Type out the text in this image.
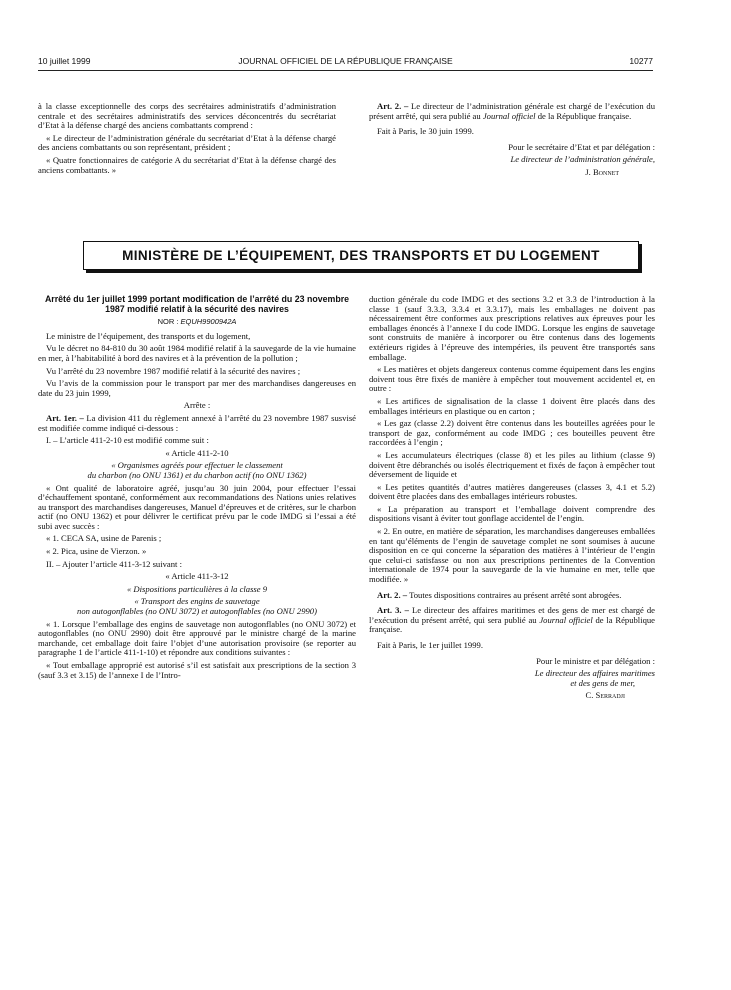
10 juillet 1999	JOURNAL OFFICIEL DE LA RÉPUBLIQUE FRANÇAISE	10277

à la classe exceptionnelle des corps des secrétaires administratifs d’administration centrale et des secrétaires administratifs des services déconcentrés du secrétariat d’Etat à la défense chargé des anciens combattants comprend :

« Le directeur de l’administration générale du secrétariat d’Etat à la défense chargé des anciens combattants ou son représentant, président ;

« Quatre fonctionnaires de catégorie A du secrétariat d’Etat à la défense chargé des anciens combattants. »

Art. 2. – Le directeur de l’administration générale est chargé de l’exécution du présent arrêté, qui sera publié au Journal officiel de la République française.

Fait à Paris, le 30 juin 1999.

Pour le secrétaire d’Etat et par délégation :

Le directeur de l’administration générale,

J. Bonnet

MINISTÈRE DE L’ÉQUIPEMENT, DES TRANSPORTS ET DU LOGEMENT
Arrêté du 1er juillet 1999 portant modification de l’arrêté du 23 novembre 1987 modifié relatif à la sécurité des navires
NOR : EQUH9900942A

Le ministre de l’équipement, des transports et du logement,

Vu le décret no 84-810 du 30 août 1984 modifié relatif à la sauvegarde de la vie humaine en mer, à l’habitabilité à bord des navires et à la prévention de la pollution ;

Vu l’arrêté du 23 novembre 1987 modifié relatif à la sécurité des navires ;

Vu l’avis de la commission pour le transport par mer des marchandises dangereuses en date du 23 juin 1999,

Arrête :

Art. 1er. – La division 411 du règlement annexé à l’arrêté du 23 novembre 1987 susvisé est modifiée comme indiqué ci-dessous :

I. – L’article 411-2-10 est modifié comme suit :

« Article 411-2-10

« Organismes agréés pour effectuer le classement

du charbon (no ONU 1361) et du charbon actif (no ONU 1362)

« Ont qualité de laboratoire agréé, jusqu’au 30 juin 2004, pour effectuer l’essai d’échauffement spontané, conformément aux recommandations des Nations unies relatives au transport des marchandises dangereuses, Manuel d’épreuves et de critères, sur le charbon actif (no ONU 1362) et pour délivrer le certificat prévu par le code IMDG si l’essai a été subi avec succès :

« 1. CECA SA, usine de Parenis ;

« 2. Pica, usine de Vierzon. »

II. – Ajouter l’article 411-3-12 suivant :

« Article 411-3-12

« Dispositions particulières à la classe 9

« Transport des engins de sauvetage

non autogonflables (no ONU 3072) et autogonflables (no ONU 2990)

« 1. Lorsque l’emballage des engins de sauvetage non autogonflables (no ONU 3072) et autogonflables (no ONU 2990) doit être approuvé par le ministre chargé de la marine marchande, cet emballage doit faire l’objet d’une autorisation provisoire (se reporter au paragraphe 1 de l’article 411-1-10) et répondre aux conditions suivantes :

« Tout emballage approprié est autorisé s’il est satisfait aux prescriptions de la section 3 (sauf 3.3 et 3.15) de l’annexe I de l’Intro-

duction générale du code IMDG et des sections 3.2 et 3.3 de l’introduction à la classe 1 (sauf 3.3.3, 3.3.4 et 3.3.17), mais les emballages ne doivent pas nécessairement être conformes aux prescriptions relatives aux épreuves pour les emballages énoncés à l’annexe I du code IMDG. Lorsque les engins de sauvetage sont construits de manière à incorporer ou être contenus dans des logements extérieurs rigides à l’épreuve des intempéries, ils peuvent être transportés sans emballage.

« Les matières et objets dangereux contenus comme équipement dans les engins doivent tous être fixés de manière à empêcher tout mouvement accidentel et, en outre :

« Les artifices de signalisation de la classe 1 doivent être placés dans des emballages intérieurs en plastique ou en carton ;

« Les gaz (classe 2.2) doivent être contenus dans les bouteilles agréées pour le transport de gaz, conformément au code IMDG ; ces bouteilles peuvent être raccordées à l’engin ;

« Les accumulateurs électriques (classe 8) et les piles au lithium (classe 9) doivent être débranchés ou isolés électriquement et fixés de façon à empêcher tout déversement de liquide et

« Les petites quantités d’autres matières dangereuses (classes 3, 4.1 et 5.2) doivent être placées dans des emballages intérieurs robustes.

« La préparation au transport et l’emballage doivent comprendre des dispositions visant à éviter tout gonflage accidentel de l’engin.

« 2. En outre, en matière de séparation, les marchandises dangereuses emballées en tant qu’éléments de l’engin de sauvetage complet ne sont soumises à aucune disposition en ce qui concerne la séparation des matières à l’intérieur de l’engin que celui-ci satisfasse ou non aux prescriptions pertinentes de la Convention internationale de 1974 pour la sauvegarde de la vie humaine en mer, telle que modifiée. »

Art. 2. – Toutes dispositions contraires au présent arrêté sont abrogées.

Art. 3. – Le directeur des affaires maritimes et des gens de mer est chargé de l’exécution du présent arrêté, qui sera publié au Journal officiel de la République française.

Fait à Paris, le 1er juillet 1999.

Pour le ministre et par délégation :

Le directeur des affaires maritimes

et des gens de mer,

C. Serradji
